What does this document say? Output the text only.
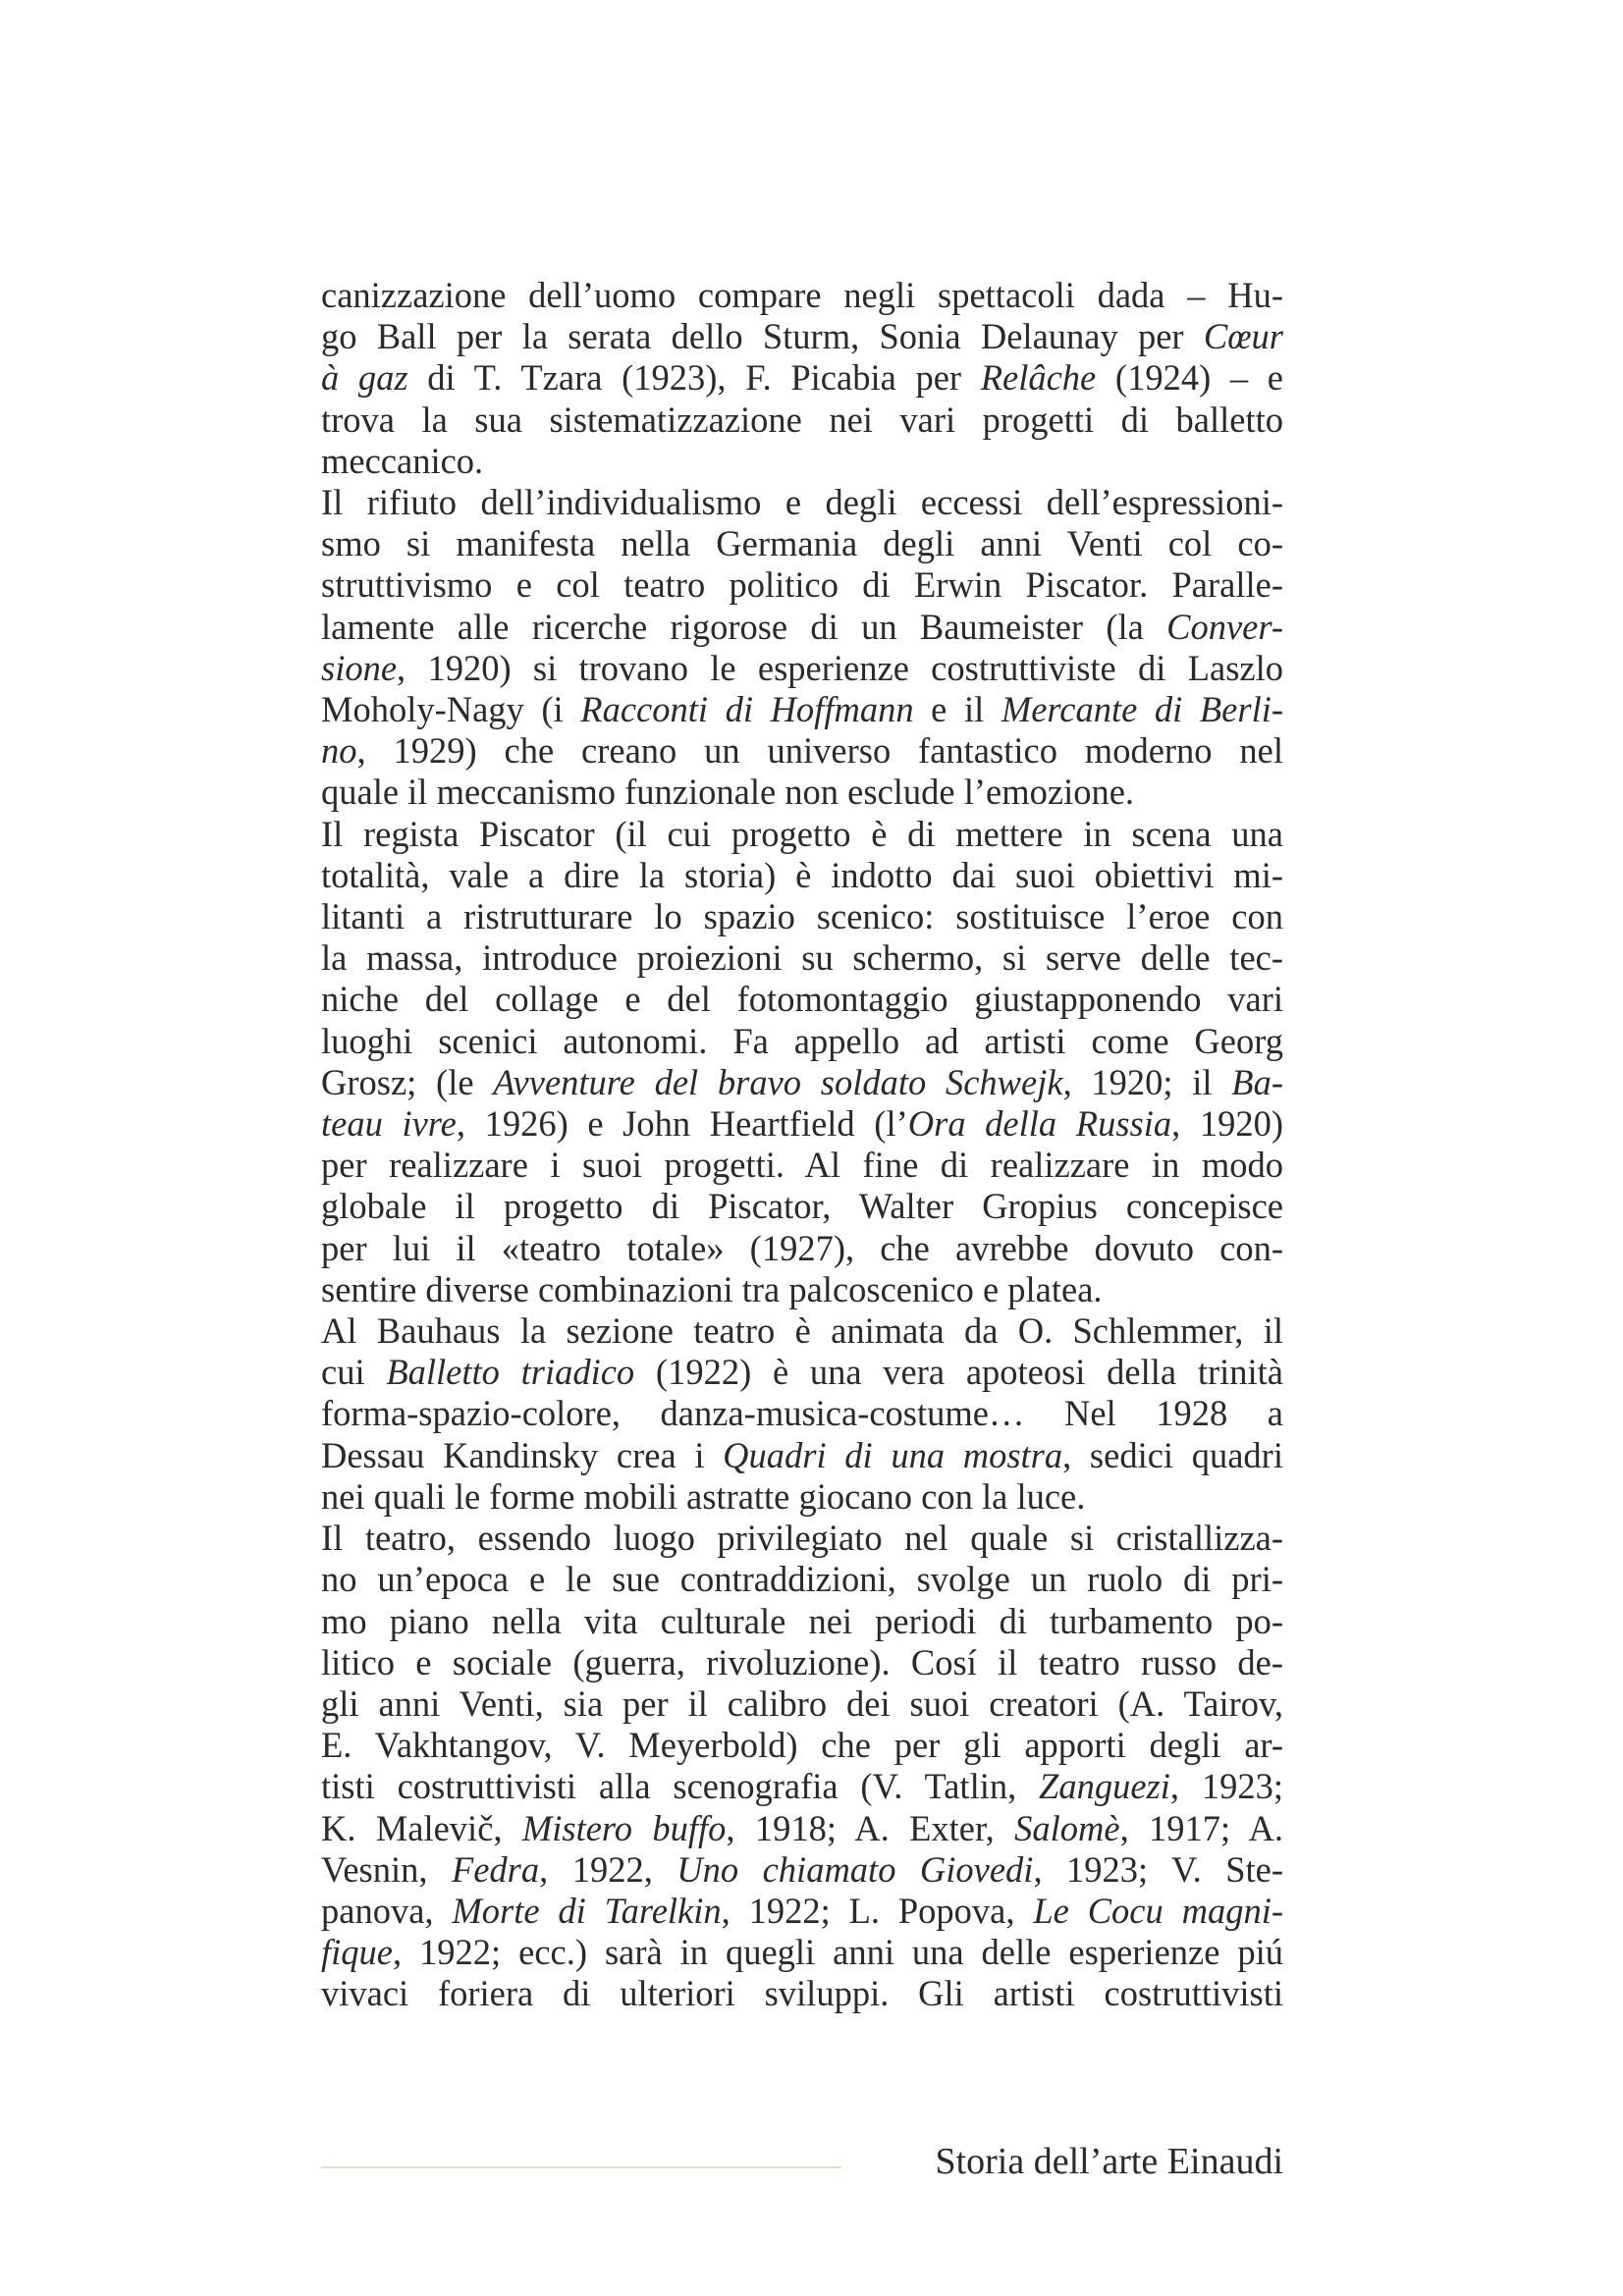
canizzazione dell’uomo compare negli spettacoli dada – Hu-
go Ball per la serata dello Sturm, Sonia Delaunay per Cœur
à gaz di T. Tzara (1923), F. Picabia per Relâche (1924) – e
trova la sua sistematizzazione nei vari progetti di balletto
meccanico.

Il rifiuto dell’individualismo e degli eccessi dell’espressioni-
smo si manifesta nella Germania degli anni Venti col co-
struttivismo e col teatro politico di Erwin Piscator. Paralle-
lamente alle ricerche rigorose di un Baumeister (la Conver-
sione, 1920) si trovano le esperienze costruttiviste di Laszlo
Moholy-Nagy (i Racconti di Hoffmann e il Mercante di Berli-
no, 1929) che creano un universo fantastico moderno nel
quale il meccanismo funzionale non esclude l’emozione.

Il regista Piscator (il cui progetto è di mettere in scena una
totalità, vale a dire la storia) è indotto dai suoi obiettivi mi-
litanti a ristrutturare lo spazio scenico: sostituisce l’eroe con
la massa, introduce proiezioni su schermo, si serve delle tec-
niche del collage e del fotomontaggio giustapponendo vari
luoghi scenici autonomi. Fa appello ad artisti come Georg
Grosz; (le Avventure del bravo soldato Schwejk, 1920; il Ba-
teau ivre, 1926) e John Heartfield (l’Ora della Russia, 1920)
per realizzare i suoi progetti. Al fine di realizzare in modo
globale il progetto di Piscator, Walter Gropius concepisce
per lui il «teatro totale» (1927), che avrebbe dovuto con-
sentire diverse combinazioni tra palcoscenico e platea.

Al Bauhaus la sezione teatro è animata da O. Schlemmer, il
cui Balletto triadico (1922) è una vera apoteosi della trinità
forma-spazio-colore, danza-musica-costume… Nel 1928 a
Dessau Kandinsky crea i Quadri di una mostra, sedici quadri
nei quali le forme mobili astratte giocano con la luce.

Il teatro, essendo luogo privilegiato nel quale si cristallizza-
no un’epoca e le sue contraddizioni, svolge un ruolo di pri-
mo piano nella vita culturale nei periodi di turbamento po-
litico e sociale (guerra, rivoluzione). Cosí il teatro russo de-
gli anni Venti, sia per il calibro dei suoi creatori (A. Tairov,
E. Vakhtangov, V. Meyerbold) che per gli apporti degli ar-
tisti costruttivisti alla scenografia (V. Tatlin, Zanguezi, 1923;
K. Malevič, Mistero buffo, 1918; A. Exter, Salomè, 1917; A.
Vesnin, Fedra, 1922, Uno chiamato Giovedi, 1923; V. Ste-
panova, Morte di Tarelkin, 1922; L. Popova, Le Cocu magni-
fique, 1922; ecc.) sarà in quegli anni una delle esperienze piú
vivaci foriera di ulteriori sviluppi. Gli artisti costruttivisti

Storia dell’arte Einaudi
